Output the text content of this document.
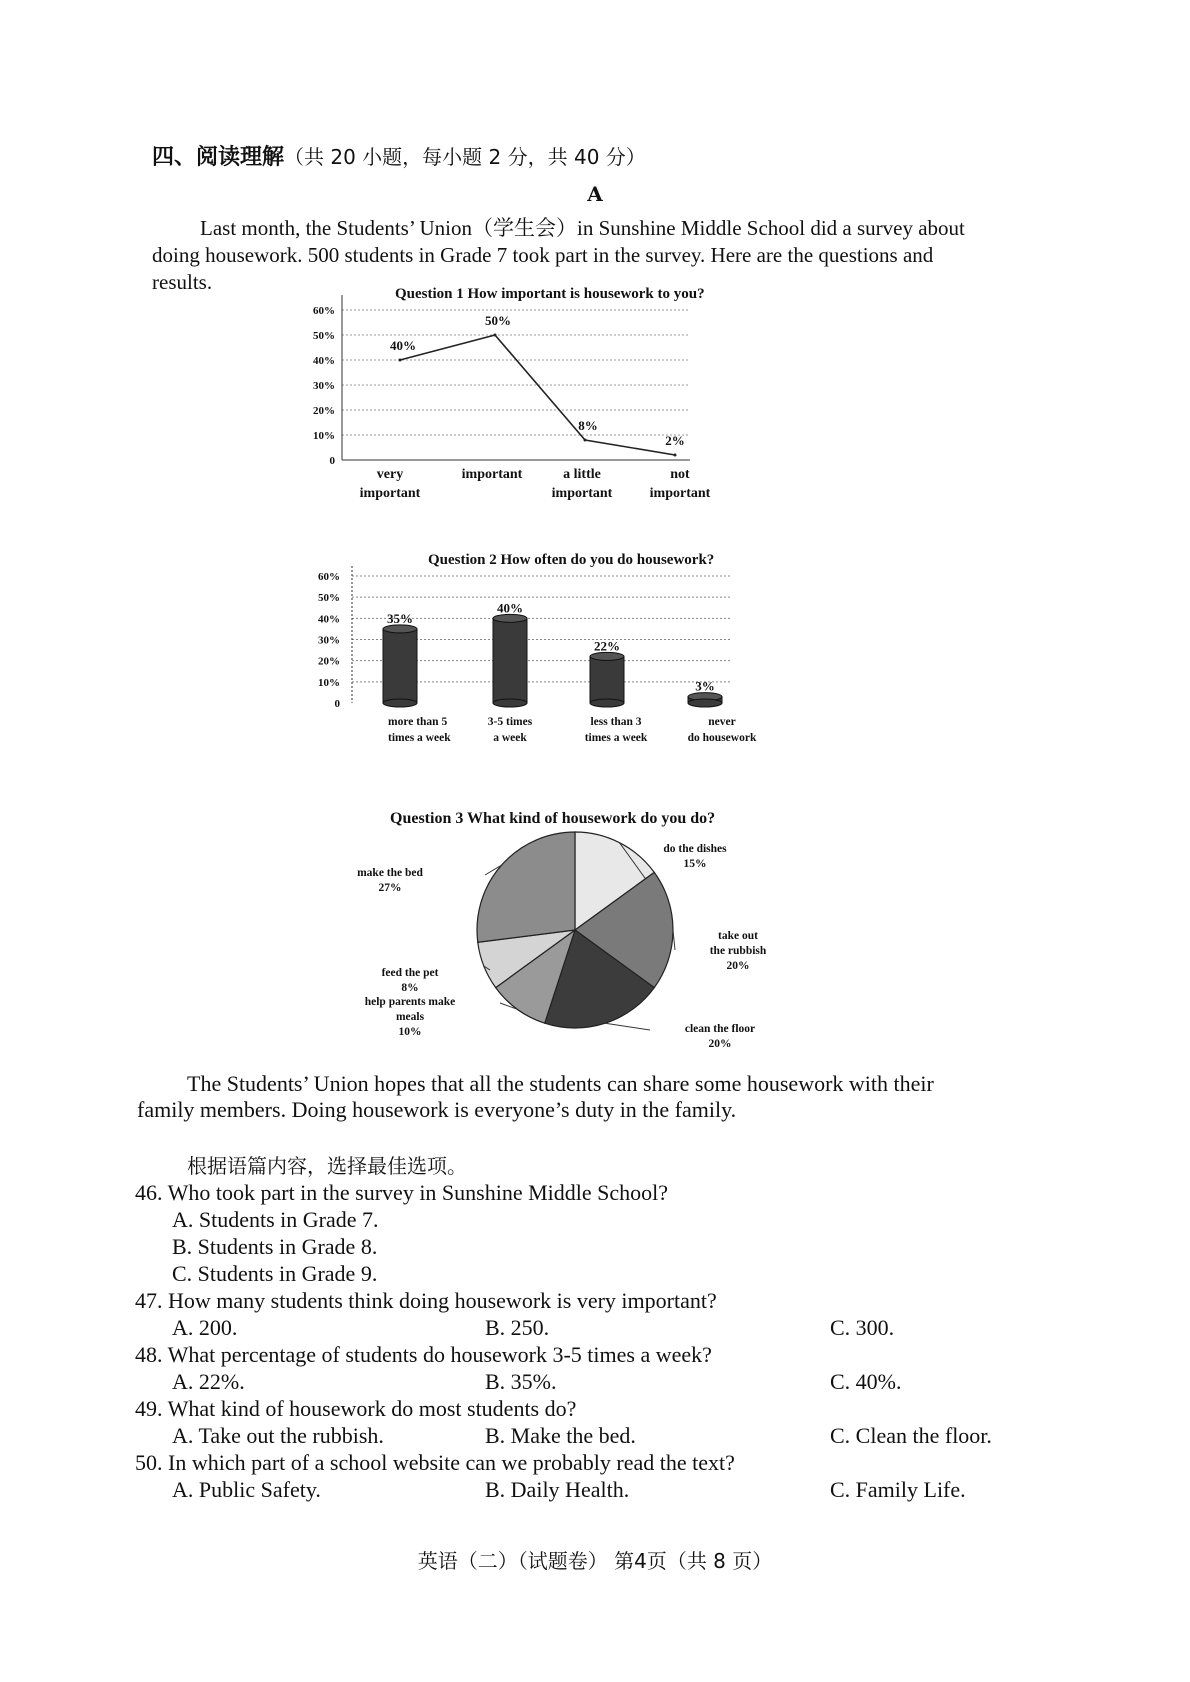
四、阅读理解（共 20 小题，每小题 2 分，共 40 分）
A
Last month, the Students’ Union（学生会）in Sunshine Middle School did a survey about
doing housework. 500 students in Grade 7 took part in the survey. Here are the questions and
results.	Question 1 How important is housework to you?
0
10%
20%
30%
40%
50%
60%
40%
50%
8%
2%
very
important
important	a little
important
not
important
Question 2 How often do you do housework?
0
10%
20%
30%
40%
50%
60%
35%
40%
22%
3%
more than 5
times a week
3-5 times
a week
less than 3
times a week
never
do housework
Question 3 What kind of housework do you do?
do the dishes
15%
take out
the rubbish
20%
clean the floor
20%
help parents make
meals
10%
feed the pet
8%
make the bed
27%
The Students’ Union hopes that all the students can share some housework with their
family members. Doing housework is everyone’s duty in the family.
根据语篇内容，选择最佳选项。
46. Who took part in the survey in Sunshine Middle School?
A. Students in Grade 7.
B. Students in Grade 8.
C. Students in Grade 9.
47. How many students think doing housework is very important?
A. 200.	B. 250.	C. 300.
48. What percentage of students do housework 3-5 times a week?
A. 22%.	B. 35%.	C. 40%.
49. What kind of housework do most students do?
A. Take out the rubbish.	B. Make the bed.	C. Clean the floor.
50. In which part of a school website can we probably read the text?
A. Public Safety.	B. Daily Health.	C. Family Life.
英语（二）（试题卷） 第4页（共 8 页）
